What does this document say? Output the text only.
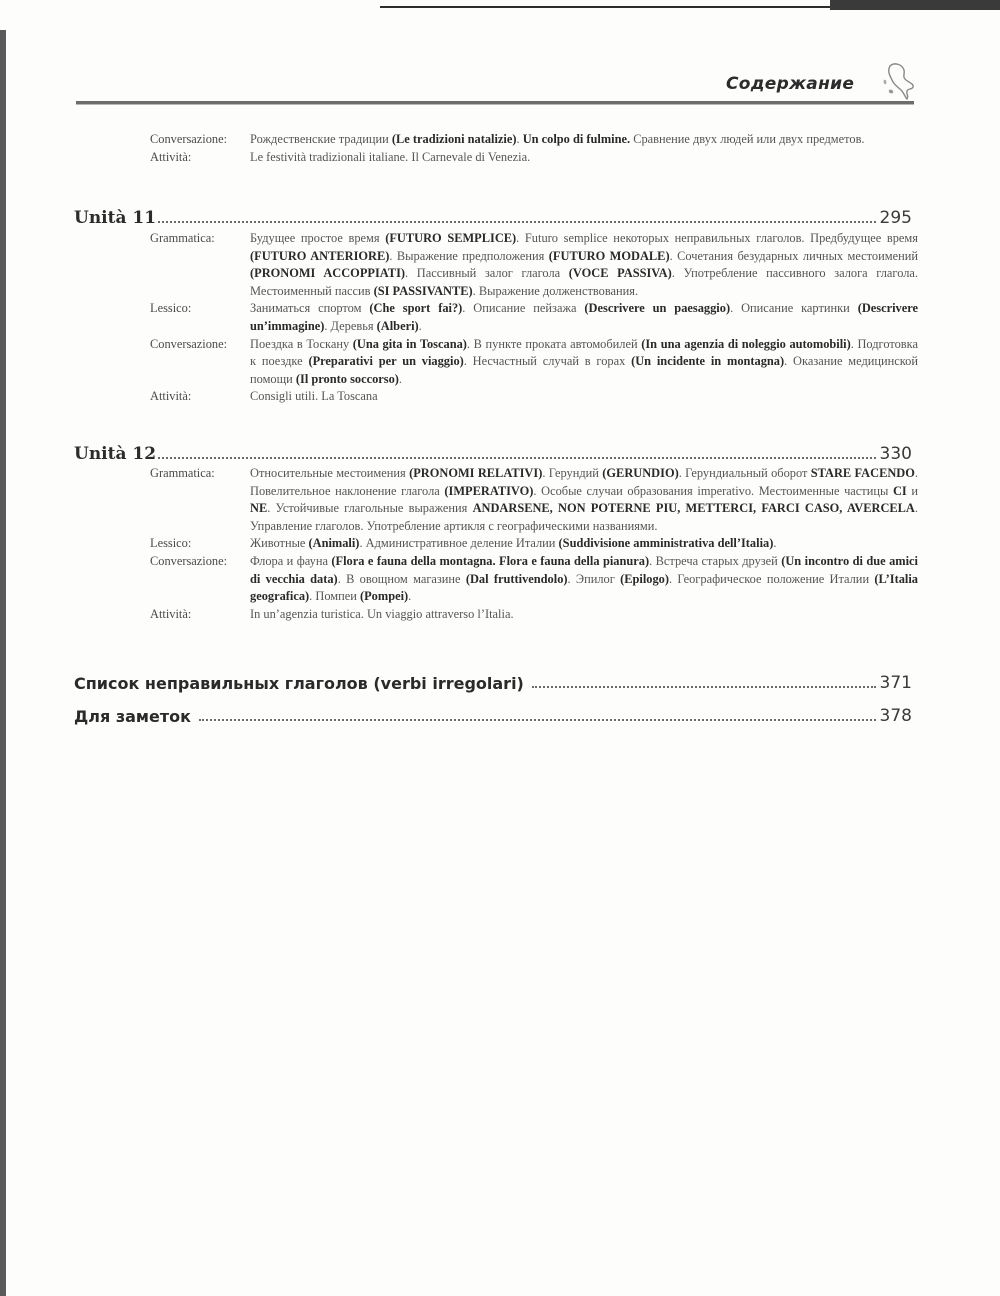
Содержание
Conversazione:	Рождественские традиции (Le tradizioni natalizie). Un colpo di fulmine. Сравнение двух людей или двух предметов.
Attività:	Le festività tradizionali italiane. Il Carnevale di Venezia.
Unità 11	295
Grammatica:	Будущее простое время (FUTURO SEMPLICE). Futuro semplice некоторых неправильных глаголов. Предбудущее время (FUTURO ANTERIORE). Выражение предположения (FUTURO MODALE). Сочетания безударных личных местоимений (PRONOMI ACCOPPIATI). Пассивный залог глагола (VOCE PASSIVA). Употребление пассивного залога глагола. Местоименный пассив (SI PASSIVANTE). Выражение долженствования.
Lessico:	Заниматься спортом (Che sport fai?). Описание пейзажа (Descrivere un paesaggio). Описание картинки (Descrivere un’immagine). Деревья (Alberi).
Conversazione:	Поездка в Тоскану (Una gita in Toscana). В пункте проката автомобилей (In una agenzia di noleggio automobili). Подготовка к поездке (Preparativi per un viaggio). Несчастный случай в горах (Un incidente in montagna). Оказание медицинской помощи (Il pronto soccorso).
Attività:	Consigli utili. La Toscana
Unità 12	330
Grammatica:	Относительные местоимения (PRONOMI RELATIVI). Герундий (GERUNDIO). Герундиальный оборот STARE FACENDO. Повелительное наклонение глагола (IMPERATIVO). Особые случаи образования imperativo. Местоименные частицы CI и NE. Устойчивые глагольные выражения ANDARSENE, NON POTERNE PIU, METTERCI, FARCI CASO, AVERCELA. Управление глаголов. Употребление артикля с географическими названиями.
Lessico:	Животные (Animali). Административное деление Италии (Suddivisione amministrativa dell’Italia).
Conversazione:	Флора и фауна (Flora e fauna della montagna. Flora e fauna della pianura). Встреча старых друзей (Un incontro di due amici di vecchia data). В овощном магазине (Dal fruttivendolo). Эпилог (Epilogo). Географическое положение Италии (L’Italia geografica). Помпеи (Pompei).
Attività:	In un’agenzia turistica. Un viaggio attraverso l’Italia.
Список неправильных глаголов (verbi irregolari)	371
Для заметок	378
